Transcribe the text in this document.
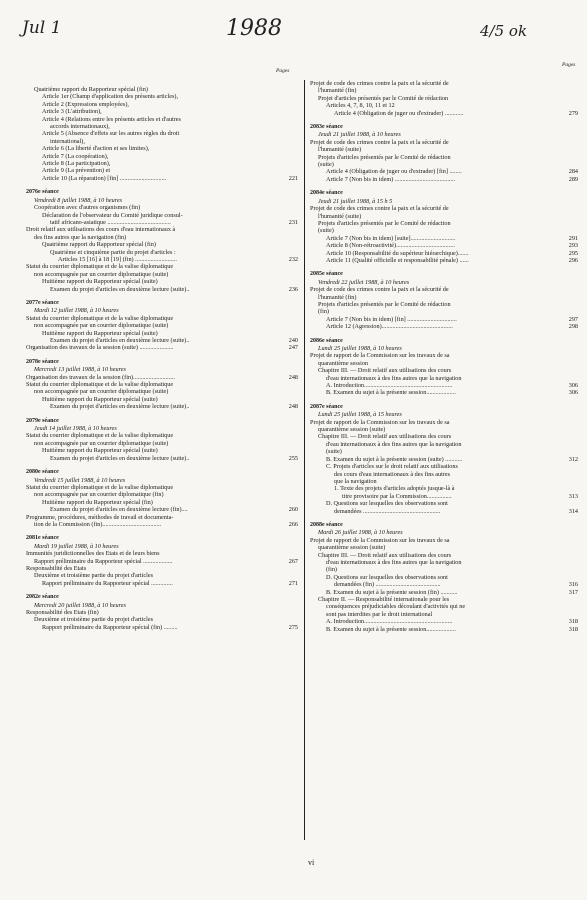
Jul 1	1988	4/5 ok
Pages
Pages
Quatrième rapport du Rapporteur spécial (fin)
Article 1er (Champ d'application des présents articles),
Article 2 (Expressions employées),
Article 3 (L'attribution),
Article 4 (Relations entre les présents articles et d'autres
accords internationaux),
Article 5 (Absence d'effets sur les autres règles du droit
international),
Article 6 (La liberté d'action et ses limites),
Article 7 (La coopération),
Article 8 (La participation),
Article 9 (La prévention) et
Article 10 (La réparation) [fin] ..............................	221
2076e séance
Vendredi 8 juillet 1988, à 10 heures
Coopération avec d'autres organismes (fin)
Déclaration de l'observateur du Comité juridique consul-
tatif africano-asiatique .........................................	231
Droit relatif aux utilisations des cours d'eau internationaux à
des fins autres que la navigation (fin)
Quatrième rapport du Rapporteur spécial (fin)
Quatrième et cinquième partie du projet d'articles :
Articles 15 [16] à 18 [19] (fin) ...........................	232
Statut du courrier diplomatique et de la valise diplomatique
non accompagnée par un courrier diplomatique (suite)
Huitième rapport du Rapporteur spécial (suite)
Examen du projet d'articles en deuxième lecture (suite)..	236
2077e séance
Mardi 12 juillet 1988, à 10 heures
Statut du courrier diplomatique et de la valise diplomatique
non accompagnée par un courrier diplomatique (suite)
Huitième rapport du Rapporteur spécial (suite)
Examen du projet d'articles en deuxième lecture (suite)..	240
Organisation des travaux de la session (suite) ......................	247
2078e séance
Mercredi 13 juillet 1988, à 10 heures
Organisation des travaux de la session (fin)...........................	248
Statut du courrier diplomatique et de la valise diplomatique
non accompagnée par un courrier diplomatique (suite)
Huitième rapport du Rapporteur spécial (suite)
Examen du projet d'articles en deuxième lecture (suite)..	248
2079e séance
Jeudi 14 juillet 1988, à 10 heures
Statut du courrier diplomatique et de la valise diplomatique
non accompagnée par un courrier diplomatique (suite)
Huitième rapport du Rapporteur spécial (suite)
Examen du projet d'articles en deuxième lecture (suite)..	255
2080e séance
Vendredi 15 juillet 1988, à 10 heures
Statut du courrier diplomatique et de la valise diplomatique
non accompagnée par un courrier diplomatique (fin)
Huitième rapport du Rapporteur spécial (fin)
Examen du projet d'articles en deuxième lecture (fin)....	260
Programme, procédures, méthodes de travail et documenta-
tion de la Commission (fin)......................................	266
2081e séance
Mardi 19 juillet 1988, à 10 heures
Immunités juridictionnelles des Etats et de leurs biens
Rapport préliminaire du Rapporteur spécial ...................	267
Responsabilité des Etats
Deuxième et troisième partie du projet d'articles
Rapport préliminaire du Rapporteur spécial ..............	271
2082e séance
Mercredi 20 juillet 1988, à 10 heures
Responsabilité des Etats (fin)
Deuxième et troisième partie du projet d'articles
Rapport préliminaire du Rapporteur spécial (fin) .........	275
Projet de code des crimes contre la paix et la sécurité de
l'humanité (fin)
Projet d'articles présentés par le Comité de rédaction
Articles 4, 7, 8, 10, 11 et 12
Article 4 (Obligation de juger ou d'extrader) ............	279
2083e séance
Jeudi 21 juillet 1988, à 10 heures
Projet de code des crimes contre la paix et la sécurité de
l'humanité (suite)
Projets d'articles présentés par le Comité de rédaction
(suite)
Article 4 (Obligation de juger ou d'extrader) [fin] ........	284
Article 7 (Non bis in idem) .......................................	289
2084e séance
Jeudi 21 juillet 1988, à 15 h 5
Projet de code des crimes contre la paix et la sécurité de
l'humanité (suite)
Projets d'articles présentés par le Comité de rédaction
(suite)
Article 7 (Non bis in idem) [suite].............................	291
Article 8 (Non-rétroactivité)......................................	293
Article 10 (Responsabilité du supérieur hiérarchique).......	295
Article 11 (Qualité officielle et responsabilité pénale) ......	296
2085e séance
Vendredi 22 juillet 1988, à 10 heures
Projet de code des crimes contre la paix et la sécurité de
l'humanité (fin)
Projets d'articles présentés par le Comité de rédaction
(fin)
Article 7 (Non bis in idem) [fin] ................................	297
Article 12 (Agression)..............................................	298
2086e séance
Lundi 25 juillet 1988, à 10 heures
Projet de rapport de la Commission sur les travaux de sa
quarantième session
Chapitre III. — Droit relatif aux utilisations des cours
d'eau internationaux à des fins autres que la navigation
A. Introduction.........................................................	306
B. Examen du sujet à la présente session...................	306
2087e séance
Lundi 25 juillet 1988, à 15 heures
Projet de rapport de la Commission sur les travaux de sa
quarantième session (suite)
Chapitre III. — Droit relatif aux utilisations des cours
d'eau internationaux à des fins autres que la navigation
(suite)
B. Examen du sujet à la présente session (suite) ...........	312
C. Projets d'articles sur le droit relatif aux utilisations
des cours d'eau internationaux à des fins autres
que la navigation
1. Texte des projets d'articles adoptés jusque-là à
titre provisoire par la Commission................	313
D. Questions sur lesquelles des observations sont
demandées ..................................................	314
2088e séance
Mardi 26 juillet 1988, à 10 heures
Projet de rapport de la Commission sur les travaux de sa
quarantième session (suite)
Chapitre III. — Droit relatif aux utilisations des cours
d'eau internationaux à des fins autres que la navigation
(fin)
D. Questions sur lesquelles des observations sont
demandées (fin) ..........................................	316
B. Examen du sujet à la présente session (fin) ...........	317
Chapitre II. — Responsabilité internationale pour les
conséquences préjudiciables découlant d'activités qui ne
sont pas interdites par le droit international
A. Introduction.........................................................	318
B. Examen du sujet à la présente session...................	318
vi
